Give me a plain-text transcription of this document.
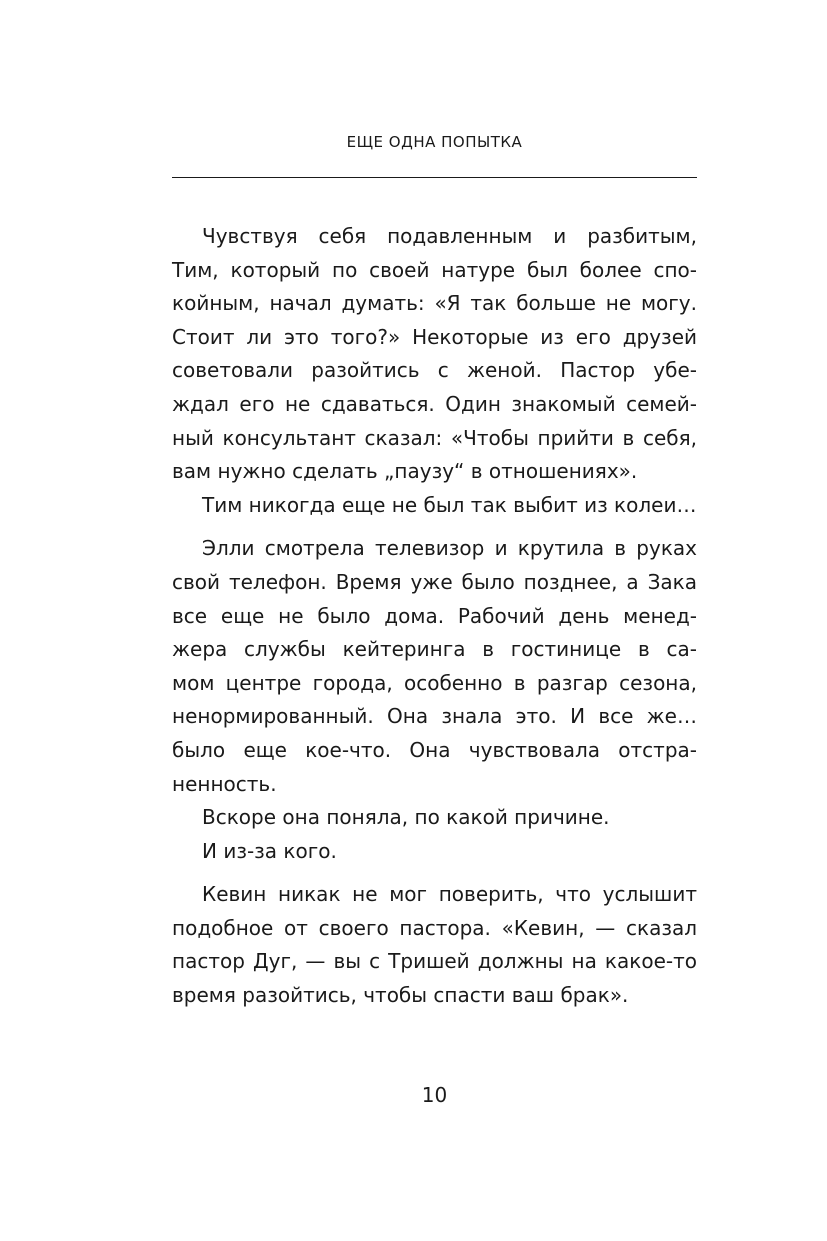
ЕЩЕ ОДНА ПОПЫТКА

Чувствуя себя подавленным и разбитым,
Тим, который по своей натуре был более спо-
койным, начал думать: «Я так больше не могу.
Стоит ли это того?» Некоторые из его друзей
советовали разойтись с женой. Пастор убе-
ждал его не сдаваться. Один знакомый семей-
ный консультант сказал: «Чтобы прийти в себя,
вам нужно сделать „паузу“ в отношениях».

Тим никогда еще не был так выбит из колеи…

Элли смотрела телевизор и крутила в руках
свой телефон. Время уже было позднее, а Зака
все еще не было дома. Рабочий день менед-
жера службы кейтеринга в гостинице в са-
мом центре города, особенно в разгар сезона,
ненормированный. Она знала это. И все же…
было еще кое-что. Она чувствовала отстра-
ненность.

Вскоре она поняла, по какой причине.

И из-за кого.

Кевин никак не мог поверить, что услышит
подобное от своего пастора. «Кевин, — сказал
пастор Дуг, — вы с Тришей должны на какое-то
время разойтись, чтобы спасти ваш брак».

10
